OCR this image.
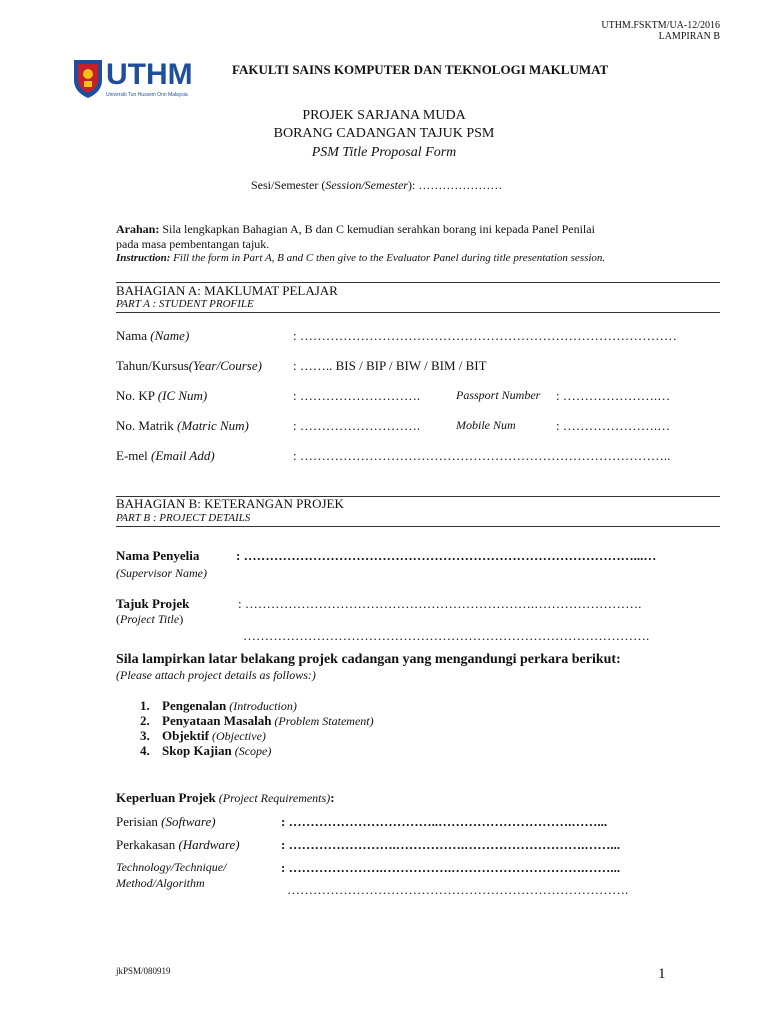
UTHM.FSKTM/UA-12/2016
LAMPIRAN B
UTHM
Universiti Tun Hussein Onn Malaysia
FAKULTI SAINS KOMPUTER DAN TEKNOLOGI MAKLUMAT
PROJEK SARJANA MUDA
BORANG CADANGAN TAJUK PSM
PSM Title Proposal Form
Sesi/Semester (Session/Semester): …………………
Arahan: Sila lengkapkan Bahagian A, B dan C kemudian serahkan borang ini kepada Panel Penilai
pada masa pembentangan tajuk.
Instruction: Fill the form in Part A, B and C then give to the Evaluator Panel during title presentation session.
BAHAGIAN A: MAKLUMAT PELAJAR
PART A : STUDENT PROFILE
Nama (Name)	: ……………………………………………………………………………
Tahun/Kursus(Year/Course) : …….. BIS / BIP / BIW / BIM / BIT
No. KP (IC Num)	: ……………………….	Passport Number : ………………….…
No. Matrik (Matric Num)	: ……………………….	Mobile Num	: ………………….…
E-mel (Email Add)	: …………………………………………………………………………..
BAHAGIAN B: KETERANGAN PROJEK
PART B : PROJECT DETAILS
Nama Penyelia	: ………………………………………………………………………………...…
(Supervisor Name)
Tajuk Projek	: ………………………………………………………….…………………….
(Project Title)
………………………………………………………………………………….
Sila lampirkan latar belakang projek cadangan yang mengandungi perkara berikut:
(Please attach project details as follows:)
1. Pengenalan (Introduction)
2. Penyataan Masalah (Problem Statement)
3. Objektif (Objective)
4. Skop Kajian (Scope)
Keperluan Projek (Project Requirements):
Perisian (Software)	: ……………………………..………………………….……...
Perkakasan (Hardware)	: …………………….…………….……………………….……...
Technology/Technique/
Method/Algorithm
: ………………….…………….………………………….……...
…………………………………………………………………….
jkPSM/080919	1
